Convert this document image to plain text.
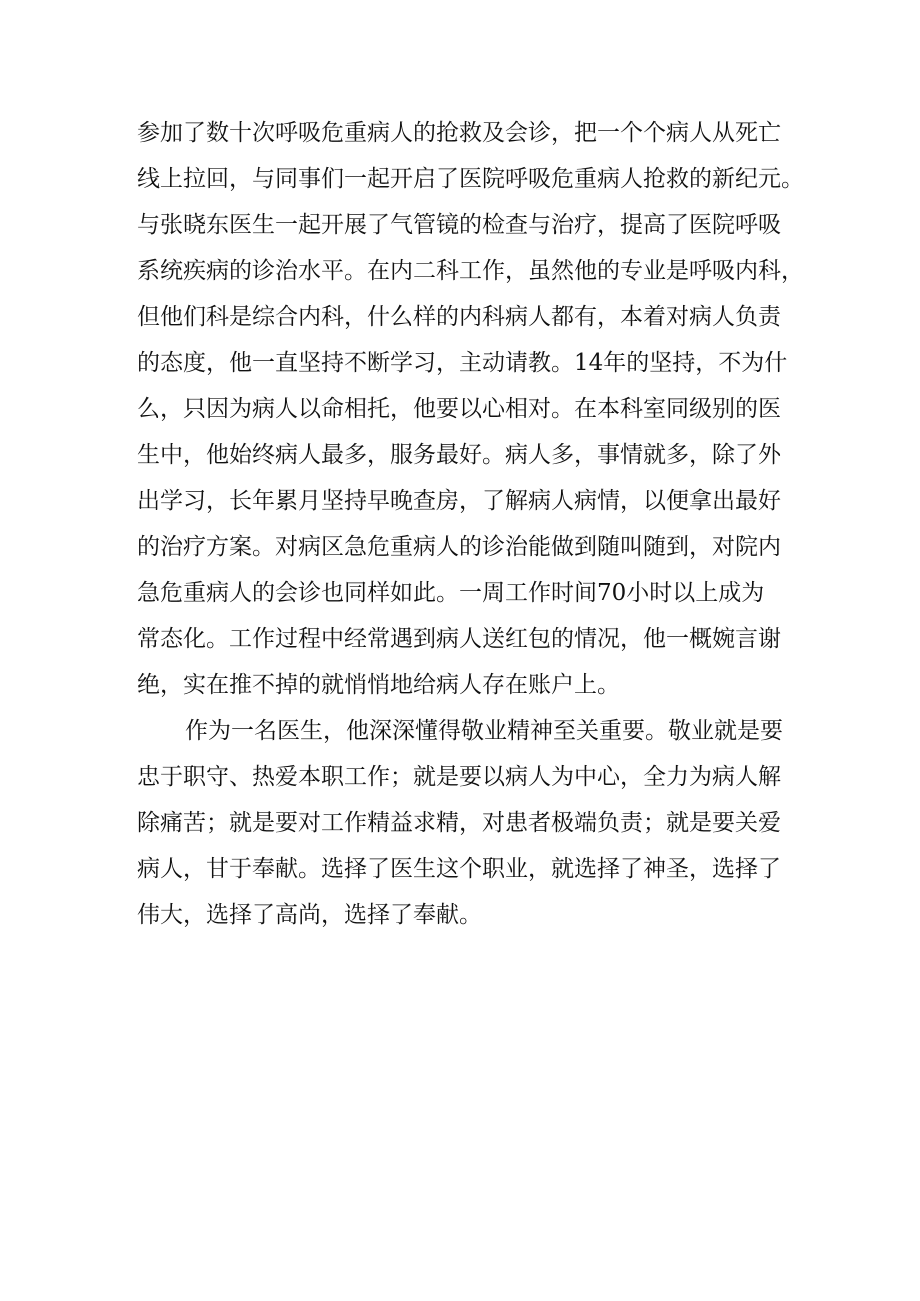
参加了数十次呼吸危重病人的抢救及会诊，把一个个病人从死亡
线上拉回，与同事们一起开启了医院呼吸危重病人抢救的新纪元。
与张晓东医生一起开展了气管镜的检查与治疗，提高了医院呼吸
系统疾病的诊治水平。在内二科工作，虽然他的专业是呼吸内科，
但他们科是综合内科，什么样的内科病人都有，本着对病人负责
的态度，他一直坚持不断学习，主动请教。14年的坚持，不为什
么，只因为病人以命相托，他要以心相对。在本科室同级别的医
生中，他始终病人最多，服务最好。病人多，事情就多，除了外
出学习，长年累月坚持早晚查房，了解病人病情，以便拿出最好
的治疗方案。对病区急危重病人的诊治能做到随叫随到，对院内
急危重病人的会诊也同样如此。一周工作时间70小时以上成为
常态化。工作过程中经常遇到病人送红包的情况，他一概婉言谢
绝，实在推不掉的就悄悄地给病人存在账户上。
作为一名医生，他深深懂得敬业精神至关重要。敬业就是要
忠于职守、热爱本职工作；就是要以病人为中心，全力为病人解
除痛苦；就是要对工作精益求精，对患者极端负责；就是要关爱
病人，甘于奉献。选择了医生这个职业，就选择了神圣，选择了
伟大，选择了高尚，选择了奉献。
